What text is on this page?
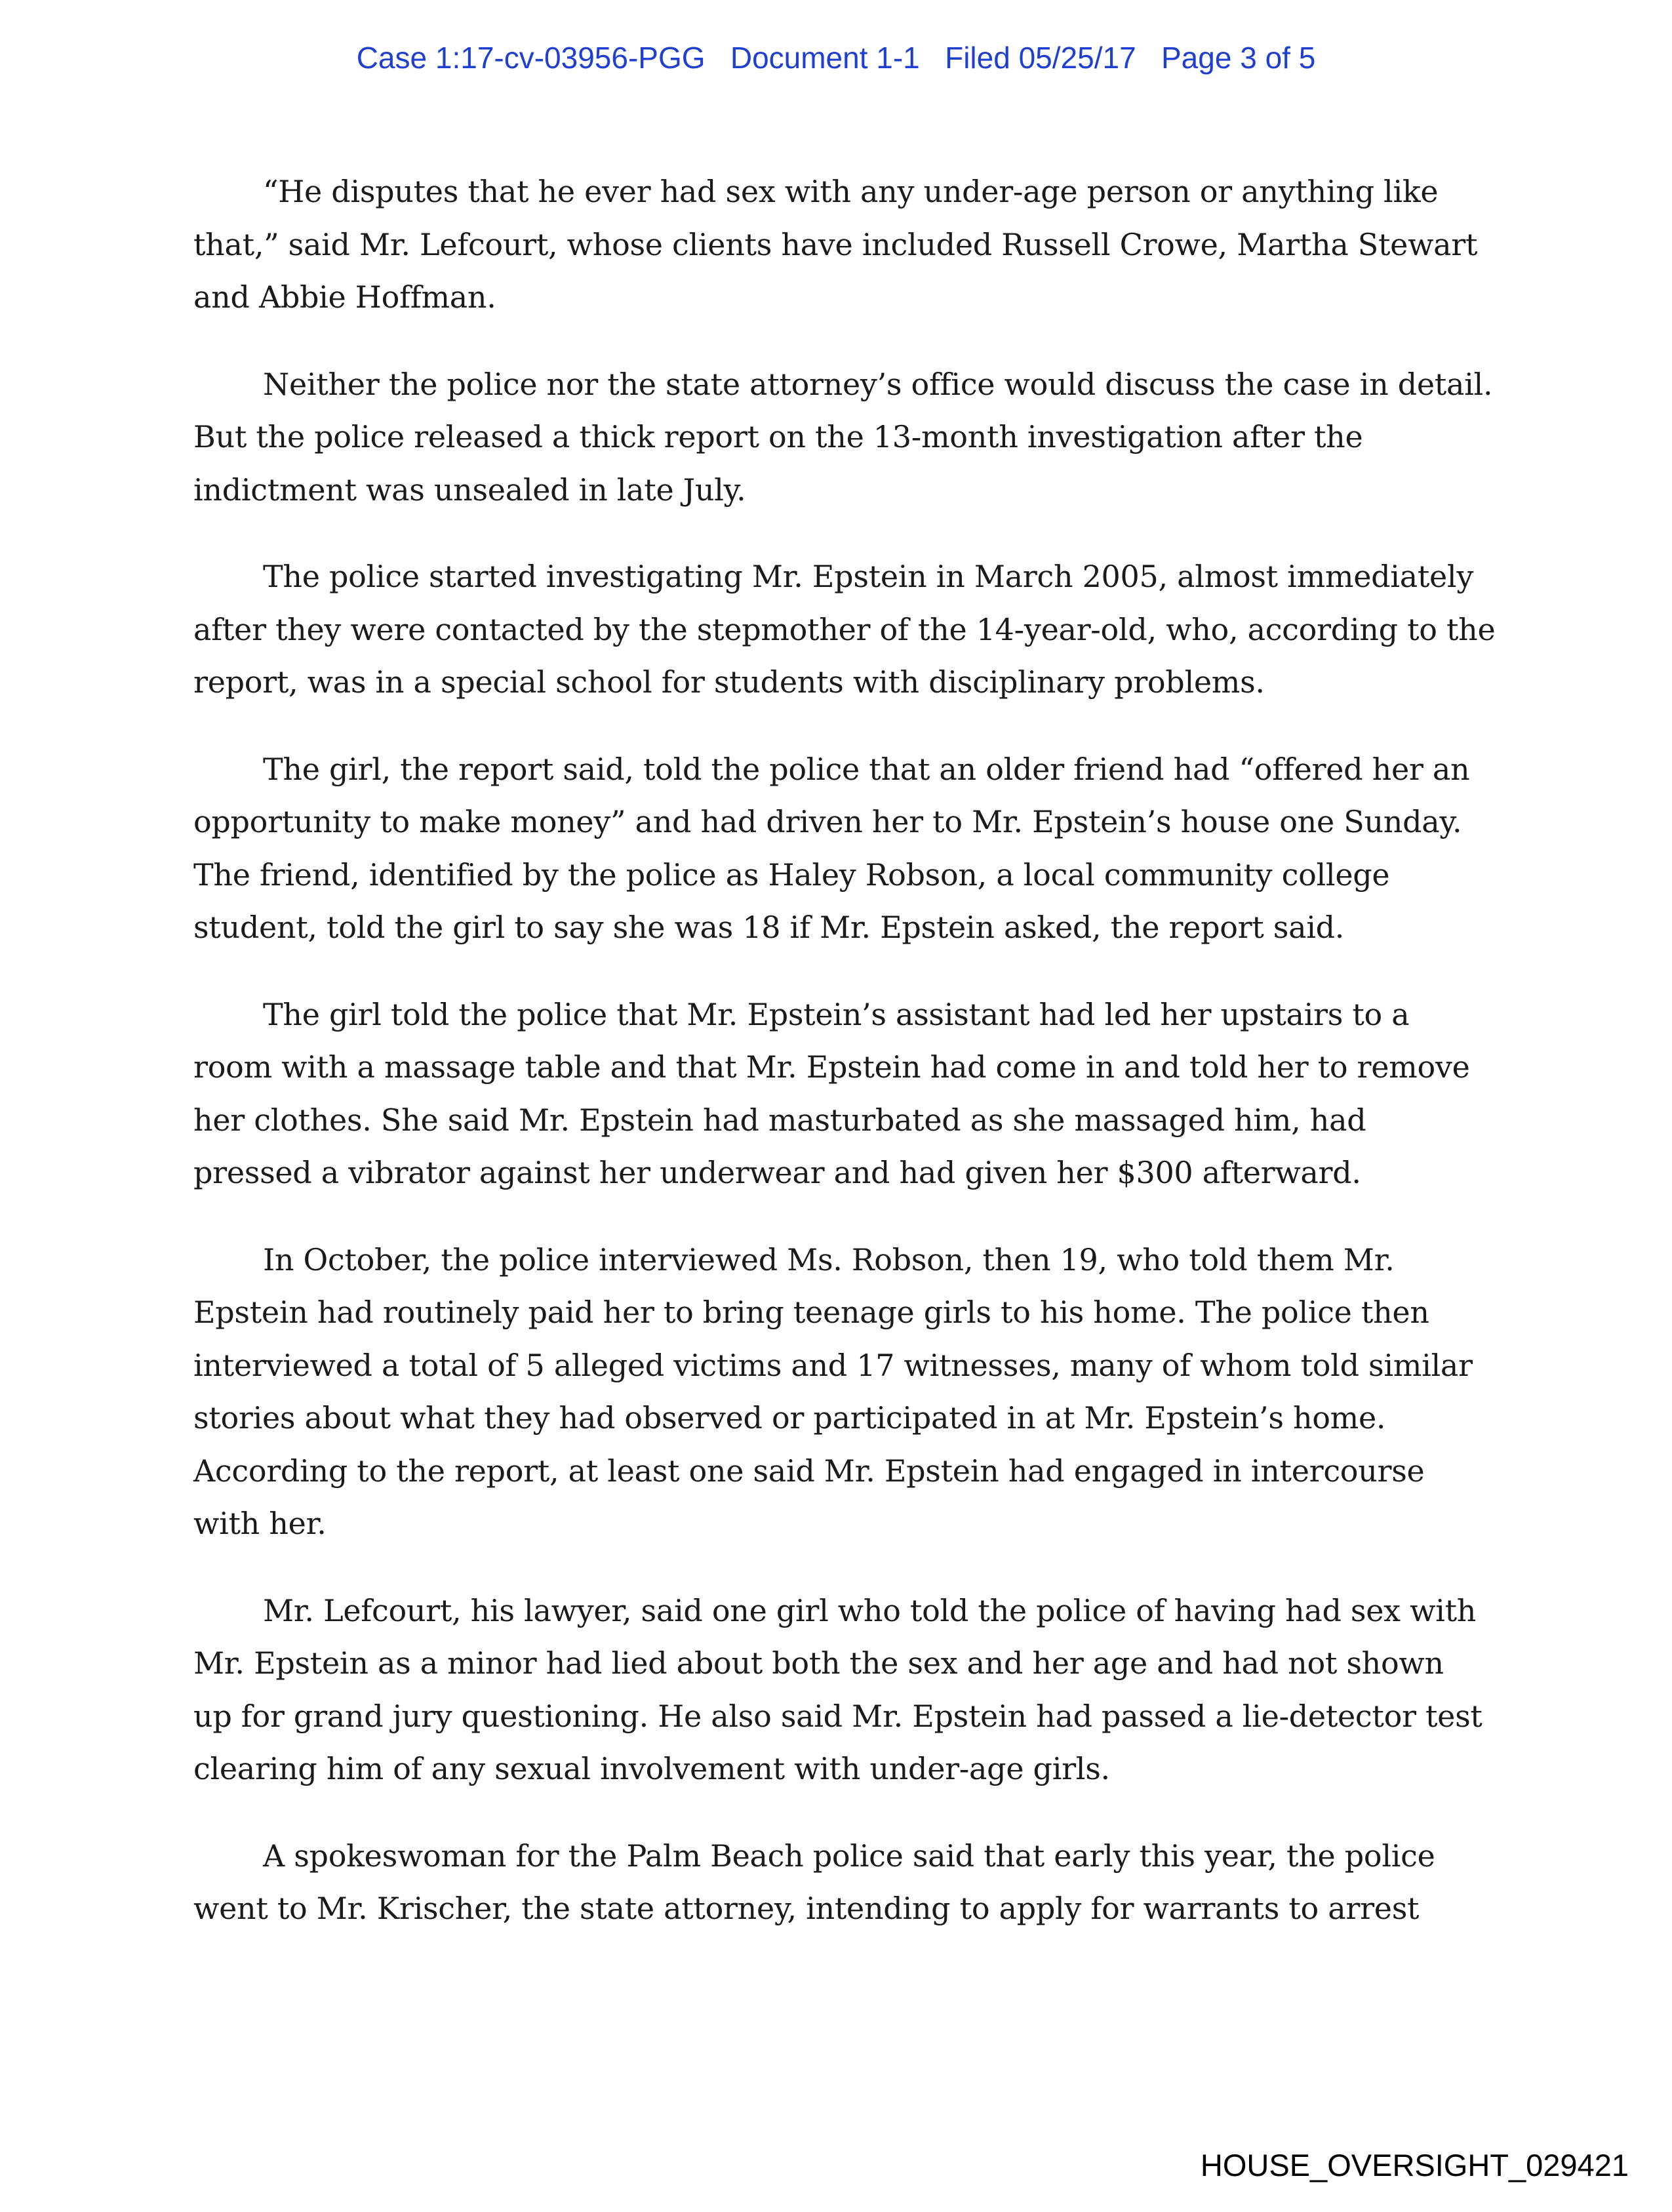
Case 1:17-cv-03956-PGG   Document 1-1   Filed 05/25/17   Page 3 of 5

“He disputes that he ever had sex with any under-age person or anything like
that,” said Mr. Lefcourt, whose clients have included Russell Crowe, Martha Stewart
and Abbie Hoffman.

Neither the police nor the state attorney’s office would discuss the case in detail.
But the police released a thick report on the 13-month investigation after the
indictment was unsealed in late July.

The police started investigating Mr. Epstein in March 2005, almost immediately
after they were contacted by the stepmother of the 14-year-old, who, according to the
report, was in a special school for students with disciplinary problems.

The girl, the report said, told the police that an older friend had “offered her an
opportunity to make money” and had driven her to Mr. Epstein’s house one Sunday.
The friend, identified by the police as Haley Robson, a local community college
student, told the girl to say she was 18 if Mr. Epstein asked, the report said.

The girl told the police that Mr. Epstein’s assistant had led her upstairs to a
room with a massage table and that Mr. Epstein had come in and told her to remove
her clothes. She said Mr. Epstein had masturbated as she massaged him, had
pressed a vibrator against her underwear and had given her $300 afterward.

In October, the police interviewed Ms. Robson, then 19, who told them Mr.
Epstein had routinely paid her to bring teenage girls to his home. The police then
interviewed a total of 5 alleged victims and 17 witnesses, many of whom told similar
stories about what they had observed or participated in at Mr. Epstein’s home.
According to the report, at least one said Mr. Epstein had engaged in intercourse
with her.

Mr. Lefcourt, his lawyer, said one girl who told the police of having had sex with
Mr. Epstein as a minor had lied about both the sex and her age and had not shown
up for grand jury questioning. He also said Mr. Epstein had passed a lie-detector test
clearing him of any sexual involvement with under-age girls.

A spokeswoman for the Palm Beach police said that early this year, the police
went to Mr. Krischer, the state attorney, intending to apply for warrants to arrest

HOUSE_OVERSIGHT_029421
